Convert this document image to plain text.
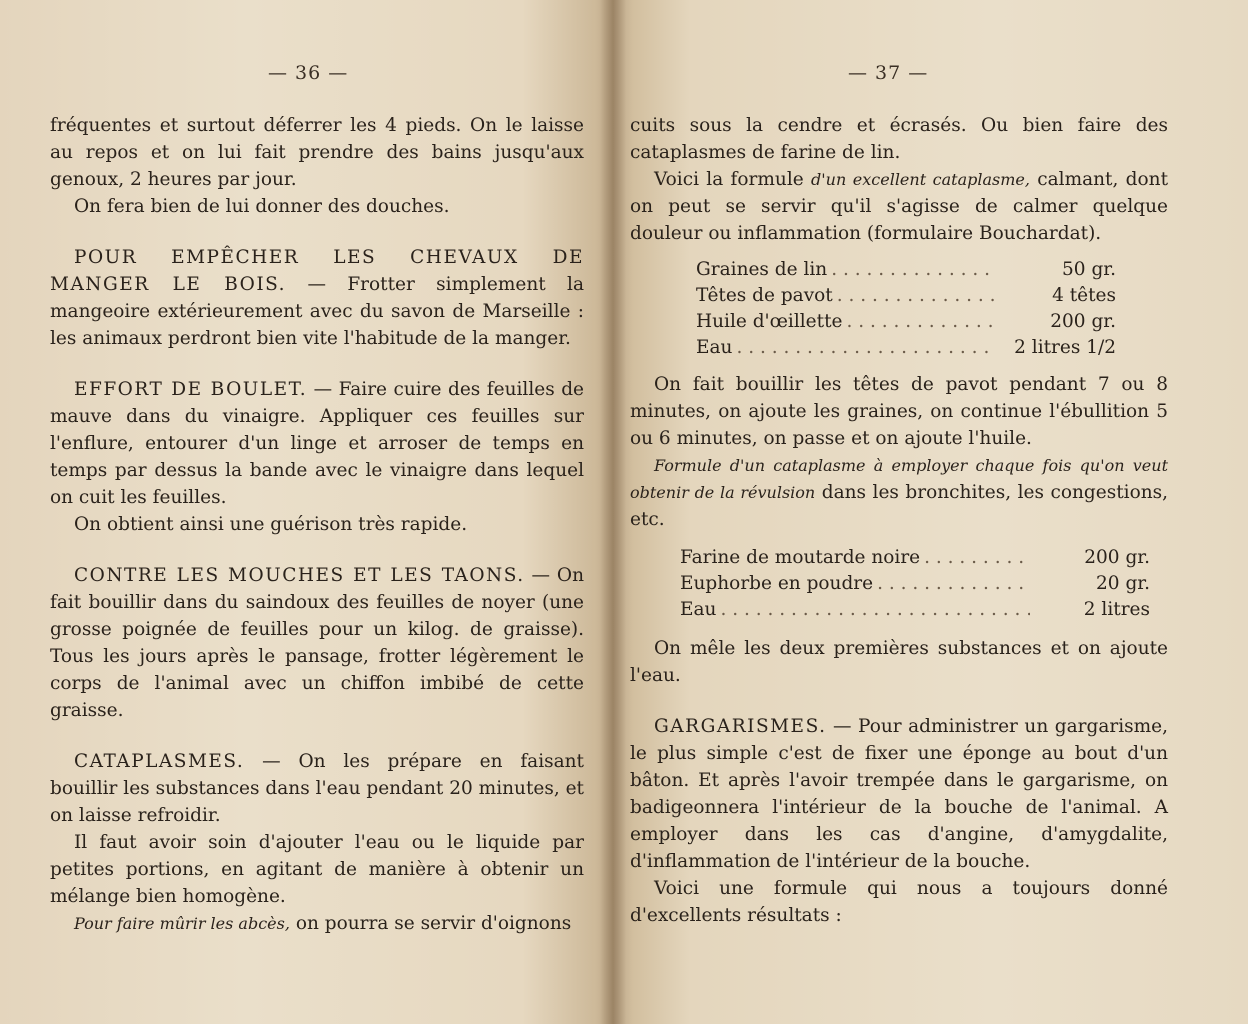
— 36 —

fréquentes et surtout déferrer les 4 pieds. On le laisse au repos et on lui fait prendre des bains jusqu'aux genoux, 2 heures par jour.

On fera bien de lui donner des douches.

POUR EMPÊCHER LES CHEVAUX DE MANGER LE BOIS. — Frotter simplement la mangeoire extérieurement avec du savon de Marseille : les animaux perdront bien vite l'habitude de la manger.

EFFORT DE BOULET. — Faire cuire des feuilles de mauve dans du vinaigre. Appliquer ces feuilles sur l'enflure, entourer d'un linge et arroser de temps en temps par dessus la bande avec le vinaigre dans lequel on cuit les feuilles.

On obtient ainsi une guérison très rapide.

CONTRE LES MOUCHES ET LES TAONS. — On fait bouillir dans du saindoux des feuilles de noyer (une grosse poignée de feuilles pour un kilog. de graisse). Tous les jours après le pansage, frotter légèrement le corps de l'animal avec un chiffon imbibé de cette graisse.

CATAPLASMES. — On les prépare en faisant bouillir les substances dans l'eau pendant 20 minutes, et on laisse refroidir.

Il faut avoir soin d'ajouter l'eau ou le liquide par petites portions, en agitant de manière à obtenir un mélange bien homogène.

Pour faire mûrir les abcès, on pourra se servir d'oignons

— 37 —

cuits sous la cendre et écrasés. Ou bien faire des cataplasmes de farine de lin.

Voici la formule d'un excellent cataplasme, calmant, dont on peut se servir qu'il s'agisse de calmer quelque douleur ou inflammation (formulaire Bouchardat).

Graines de lin . . .	50 gr.
Têtes de pavot . . .	4 têtes
Huile d'œillette . . .	200 gr.
Eau . . .	2 litres 1/2

On fait bouillir les têtes de pavot pendant 7 ou 8 minutes, on ajoute les graines, on continue l'ébullition 5 ou 6 minutes, on passe et on ajoute l'huile.

Formule d'un cataplasme à employer chaque fois qu'on veut obtenir de la révulsion dans les bronchites, les congestions, etc.

Farine de moutarde noire . . .	200 gr.
Euphorbe en poudre . . .	20 gr.
Eau . . .	2 litres

On mêle les deux premières substances et on ajoute l'eau.

GARGARISMES. — Pour administrer un gargarisme, le plus simple c'est de fixer une éponge au bout d'un bâton. Et après l'avoir trempée dans le gargarisme, on badigeonnera l'intérieur de la bouche de l'animal. A employer dans les cas d'angine, d'amygdalite, d'inflammation de l'intérieur de la bouche.

Voici une formule qui nous a toujours donné d'excellents résultats :
